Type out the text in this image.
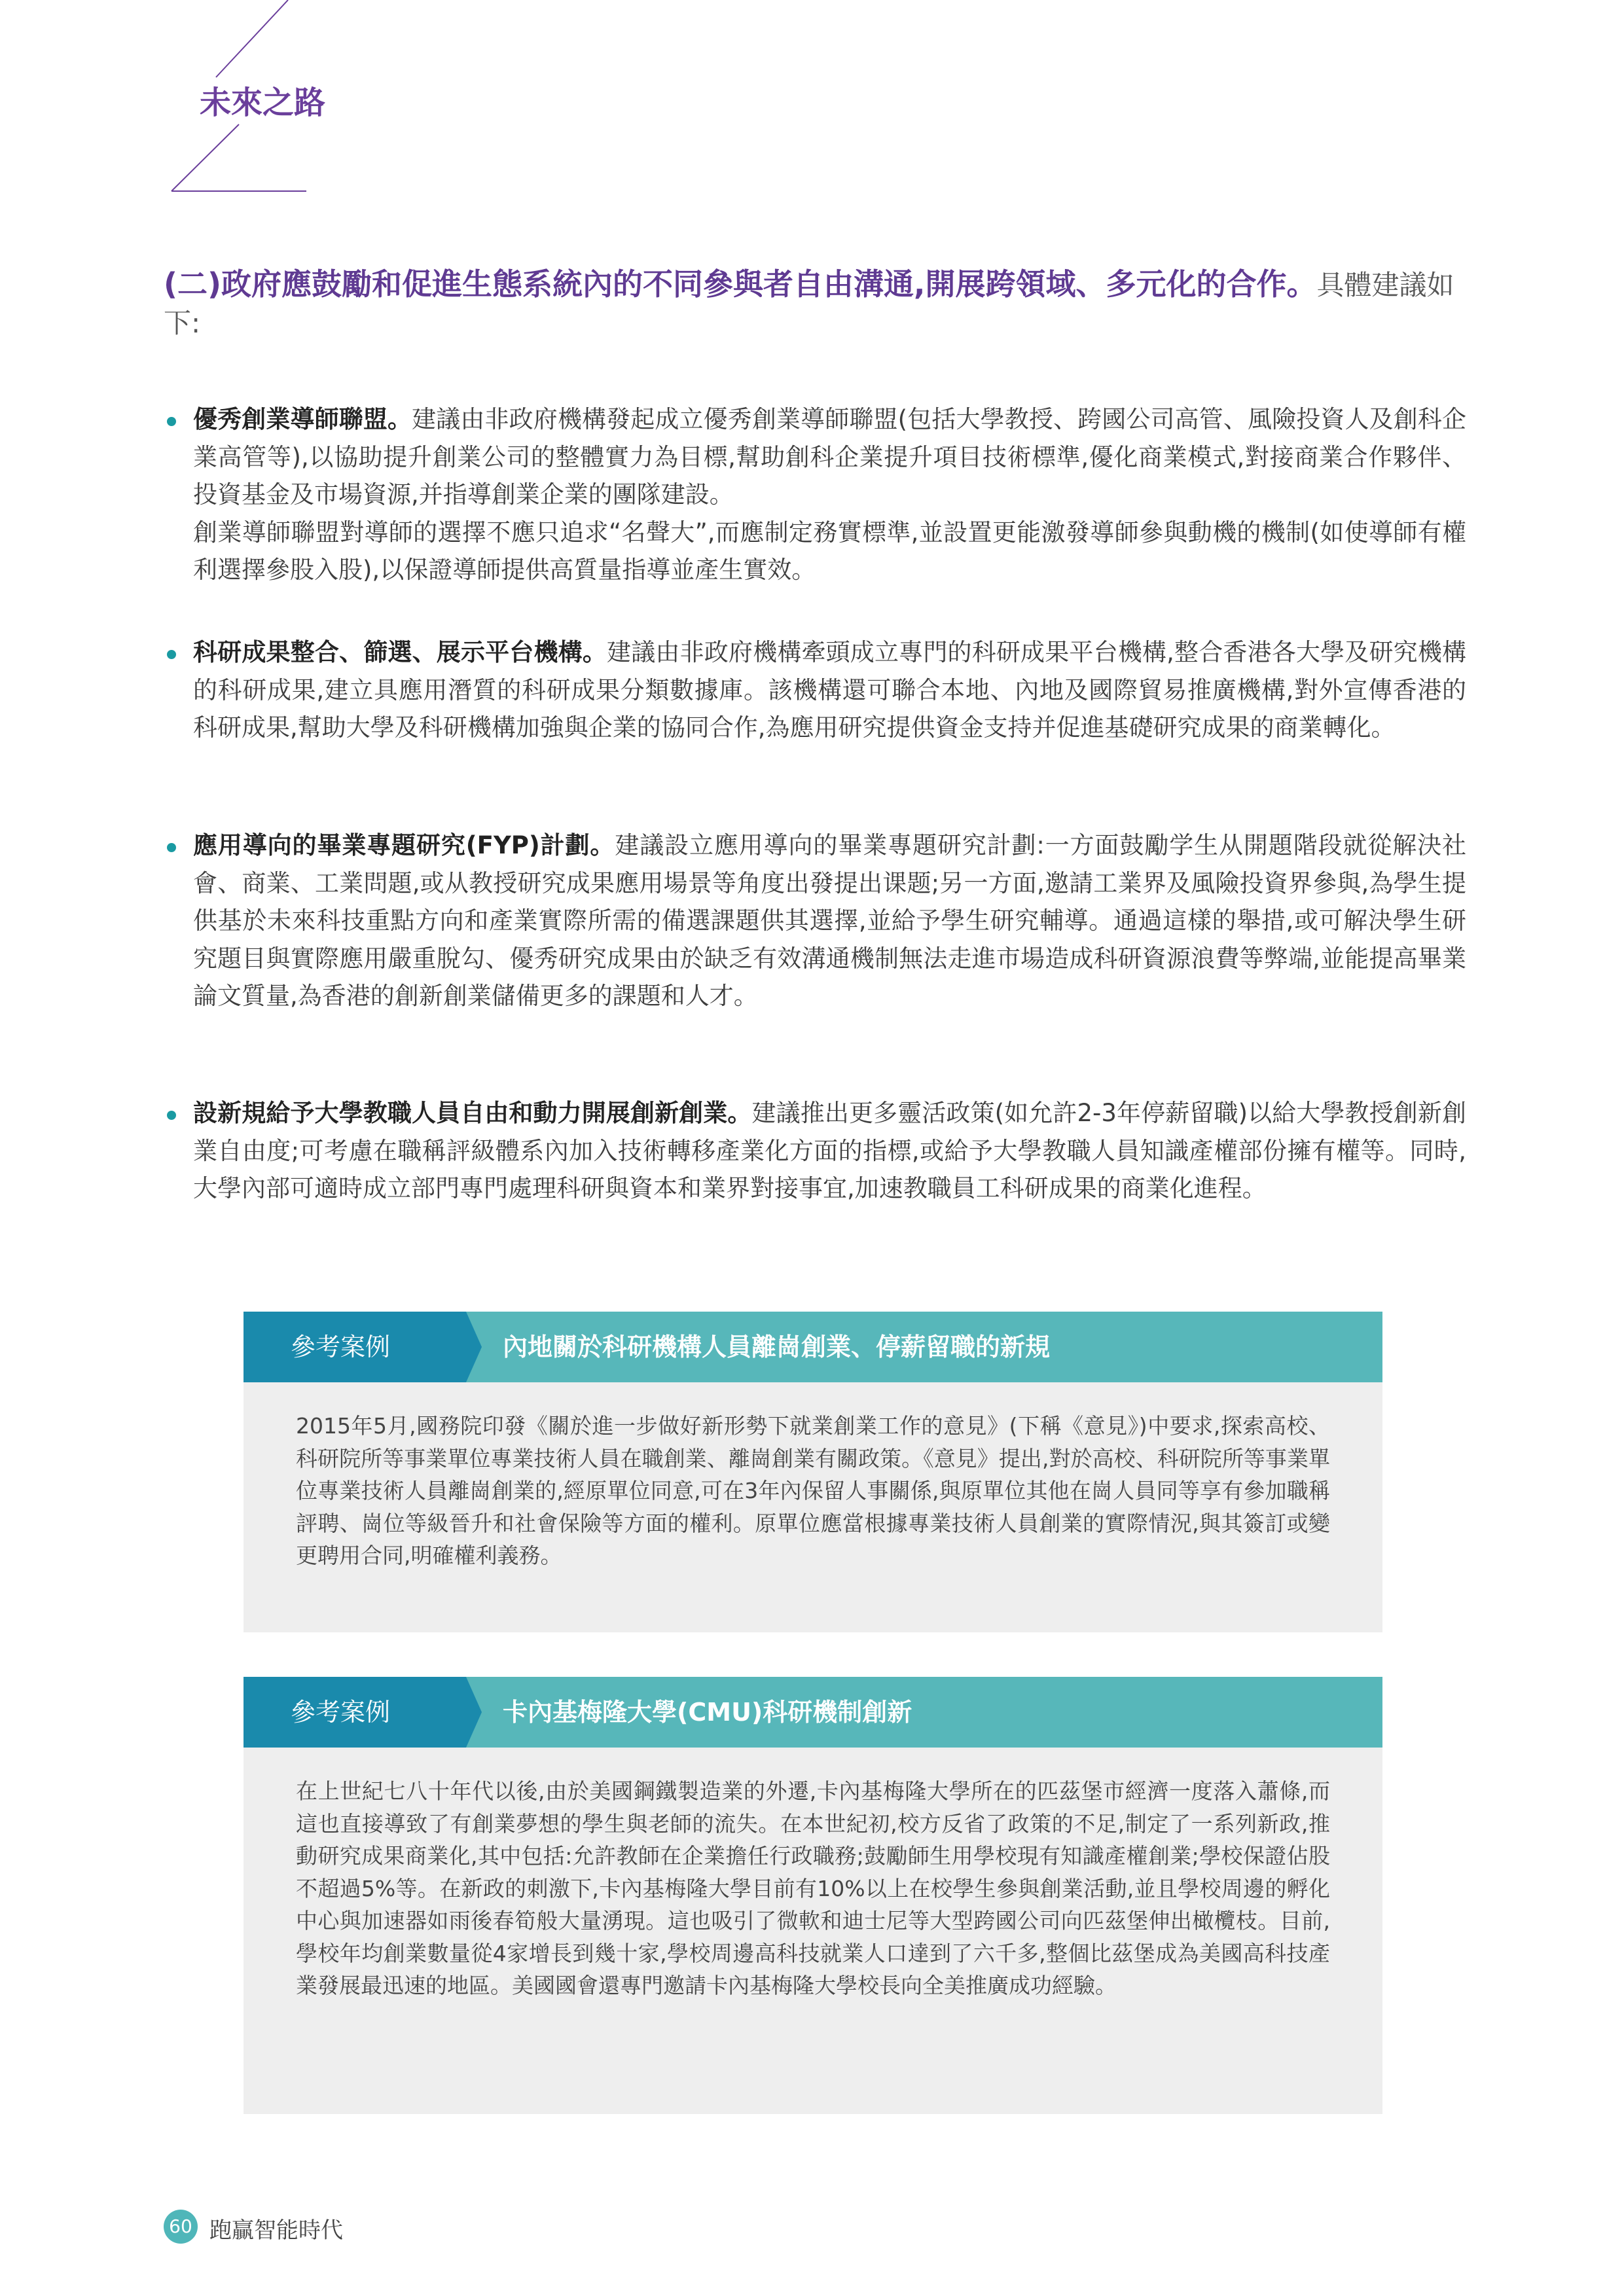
未來之路
(二)政府應鼓勵和促進生態系統內的不同參與者自由溝通,開展跨領域、多元化的合作。具體建議如下:
優秀創業導師聯盟。建議由非政府機構發起成立優秀創業導師聯盟(包括大學教授、跨國公司高管、風險投資人及創科企業高管等),以協助提升創業公司的整體實力為目標,幫助創科企業提升項目技術標準,優化商業模式,對接商業合作夥伴、投資基金及市場資源,并指導創業企業的團隊建設。
創業導師聯盟對導師的選擇不應只追求“名聲大”,而應制定務實標準,並設置更能激發導師參與動機的機制(如使導師有權利選擇參股入股),以保證導師提供高質量指導並產生實效。
科研成果整合、篩選、展示平台機構。建議由非政府機構牽頭成立專門的科研成果平台機構,整合香港各大學及研究機構的科研成果,建立具應用潛質的科研成果分類數據庫。該機構還可聯合本地、內地及國際貿易推廣機構,對外宣傳香港的科研成果,幫助大學及科研機構加強與企業的協同合作,為應用研究提供資金支持并促進基礎研究成果的商業轉化。
應用導向的畢業專題研究(FYP)計劃。建議設立應用導向的畢業專題研究計劃:一方面鼓勵学生从開題階段就從解決社會、商業、工業問題,或从教授研究成果應用場景等角度出發提出课题;另一方面,邀請工業界及風險投資界參與,為學生提供基於未來科技重點方向和產業實際所需的備選課題供其選擇,並給予學生研究輔導。通過這樣的舉措,或可解決學生研究題目與實際應用嚴重脫勾、優秀研究成果由於缺乏有效溝通機制無法走進市場造成科研資源浪費等弊端,並能提高畢業論文質量,為香港的創新創業儲備更多的課題和人才。
設新規給予大學教職人員自由和動力開展創新創業。建議推出更多靈活政策(如允許2-3年停薪留職)以給大學教授創新創業自由度;可考慮在職稱評級體系內加入技術轉移產業化方面的指標,或給予大學教職人員知識產權部份擁有權等。同時,大學內部可適時成立部門專門處理科研與資本和業界對接事宜,加速教職員工科研成果的商業化進程。
參考案例	內地關於科研機構人員離崗創業、停薪留職的新規
2015年5月,國務院印發《關於進一步做好新形勢下就業創業工作的意見》(下稱《意見》)中要求,探索高校、科研院所等事業單位專業技術人員在職創業、離崗創業有關政策。《意見》提出,對於高校、科研院所等事業單位專業技術人員離崗創業的,經原單位同意,可在3年內保留人事關係,與原單位其他在崗人員同等享有參加職稱評聘、崗位等級晉升和社會保險等方面的權利。原單位應當根據專業技術人員創業的實際情況,與其簽訂或變更聘用合同,明確權利義務。
參考案例	卡內基梅隆大學(CMU)科研機制創新
在上世紀七八十年代以後,由於美國鋼鐵製造業的外遷,卡內基梅隆大學所在的匹茲堡市經濟一度落入蕭條,而這也直接導致了有創業夢想的學生與老師的流失。在本世紀初,校方反省了政策的不足,制定了一系列新政,推動研究成果商業化,其中包括:允許教師在企業擔任行政職務;鼓勵師生用學校現有知識產權創業;學校保證佔股不超過5%等。在新政的刺激下,卡內基梅隆大學目前有10%以上在校學生參與創業活動,並且學校周邊的孵化中心與加速器如雨後春筍般大量湧現。這也吸引了微軟和迪士尼等大型跨國公司向匹茲堡伸出橄欖枝。目前,學校年均創業數量從4家增長到幾十家,學校周邊高科技就業人口達到了六千多,整個比茲堡成為美國高科技產業發展最迅速的地區。美國國會還專門邀請卡內基梅隆大學校長向全美推廣成功經驗。
60 跑贏智能時代
